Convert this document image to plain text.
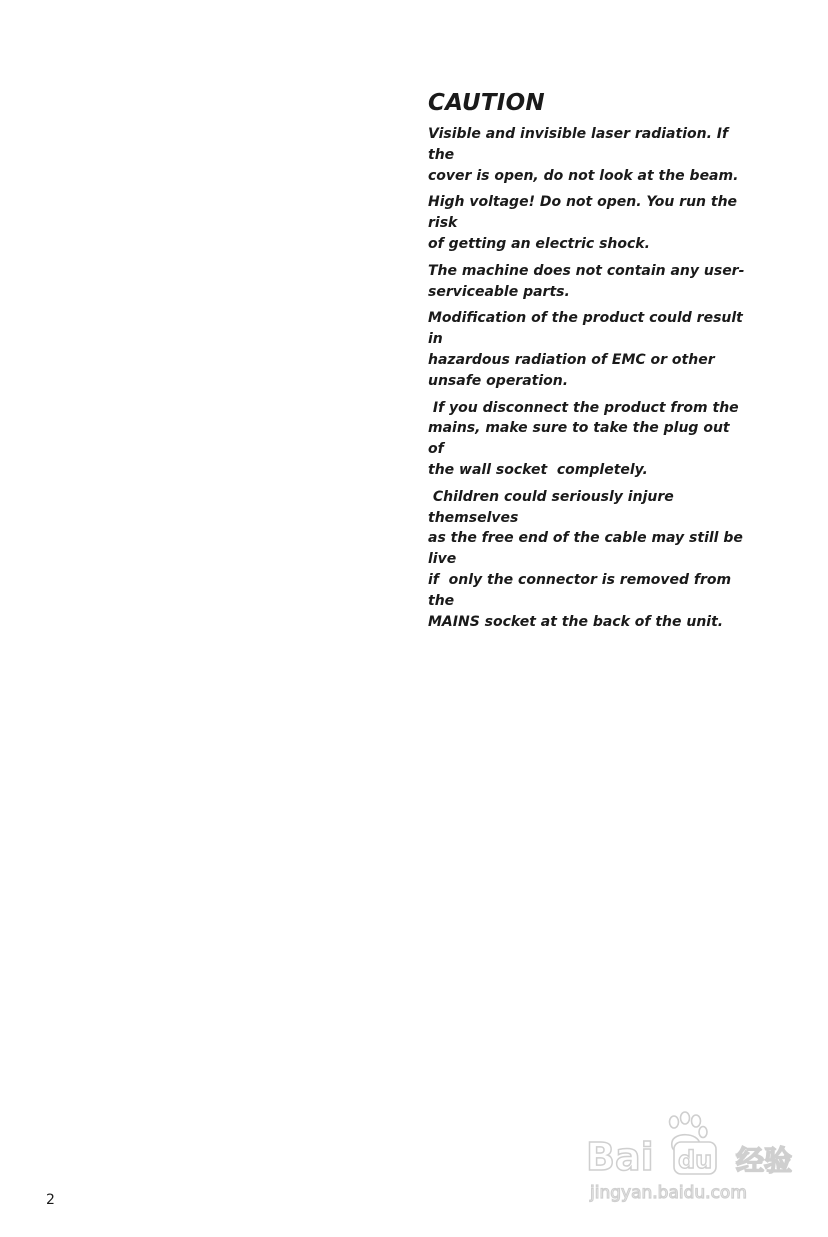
CAUTION

Visible and invisible laser radiation. If the
cover is open, do not look at the beam.

High voltage! Do not open. You run the risk
of getting an electric shock.

The machine does not contain any user-
serviceable parts.

Modification of the product could result in
hazardous radiation of EMC or other
unsafe operation.

If you disconnect the product from the
mains, make sure to take the plug out of
the wall socket  completely.

Children could seriously injure themselves
as the free end of the cable may still be live
if  only the connector is removed from the
MAINS socket at the back of the unit.

2
Bai	经验
du
jingyan.baidu.com
